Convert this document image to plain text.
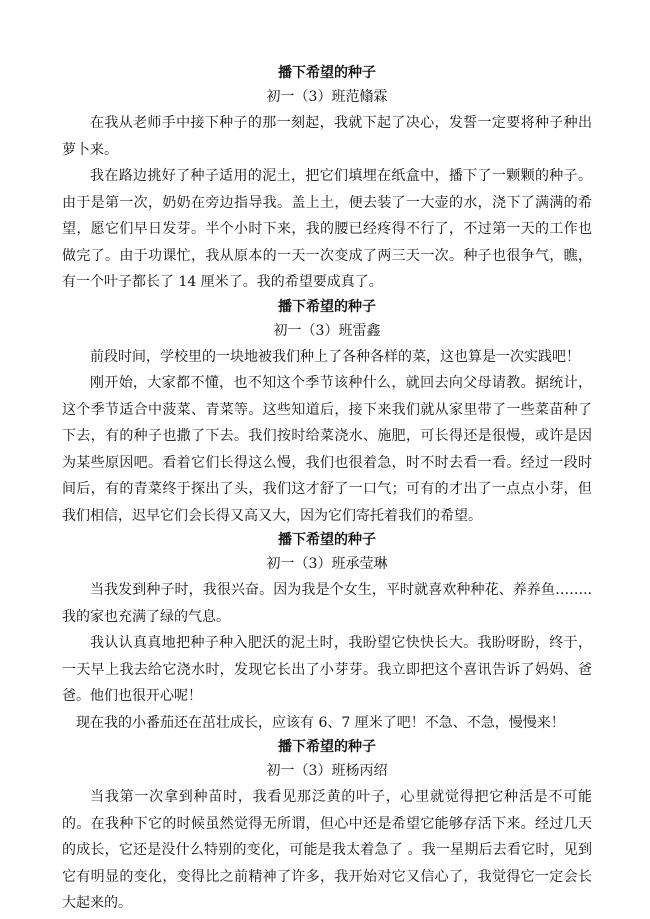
播下希望的种子
初一（3）班范翛霖

在我从老师手中接下种子的那一刻起，我就下起了决心，发誓一定要将种子种出萝卜来。

我在路边挑好了种子适用的泥土，把它们填埋在纸盒中，播下了一颗颗的种子。由于是第一次，奶奶在旁边指导我。盖上土，便去装了一大壶的水，浇下了满满的希望，愿它们早日发芽。半个小时下来，我的腰已经疼得不行了，不过第一天的工作也做完了。由于功课忙，我从原本的一天一次变成了两三天一次。种子也很争气，瞧，有一个叶子都长了 14 厘米了。我的希望要成真了。

播下希望的种子
初一（3）班雷鑫

前段时间，学校里的一块地被我们种上了各种各样的菜，这也算是一次实践吧！

刚开始，大家都不懂，也不知这个季节该种什么，就回去向父母请教。据统计，这个季节适合中菠菜、青菜等。这些知道后，接下来我们就从家里带了一些菜苗种了下去，有的种子也撒了下去。我们按时给菜浇水、施肥，可长得还是很慢，或许是因为某些原因吧。看着它们长得这么慢，我们也很着急，时不时去看一看。经过一段时间后，有的青菜终于探出了头，我们这才舒了一口气；可有的才出了一点点小芽，但我们相信，迟早它们会长得又高又大，因为它们寄托着我们的希望。

播下希望的种子
初一（3）班承莹琳

当我发到种子时，我很兴奋。因为我是个女生，平时就喜欢种种花、养养鱼……..我的家也充满了绿的气息。

我认认真真地把种子种入肥沃的泥土时，我盼望它快快长大。我盼呀盼，终于，一天早上我去给它浇水时，发现它长出了小芽芽。我立即把这个喜讯告诉了妈妈、爸爸。他们也很开心呢！

现在我的小番茄还在茁壮成长，应该有 6、7 厘米了吧！不急、不急，慢慢来！

播下希望的种子
初一（3）班杨丙绍

当我第一次拿到种苗时，我看见那泛黄的叶子，心里就觉得把它种活是不可能的。在我种下它的时候虽然觉得无所谓，但心中还是希望它能够存活下来。经过几天的成长，它还是没什么特别的变化，可能是我太着急了 。我一星期后去看它时，见到它有明显的变化，变得比之前精神了许多，我开始对它又信心了，我觉得它一定会长大起来的。
